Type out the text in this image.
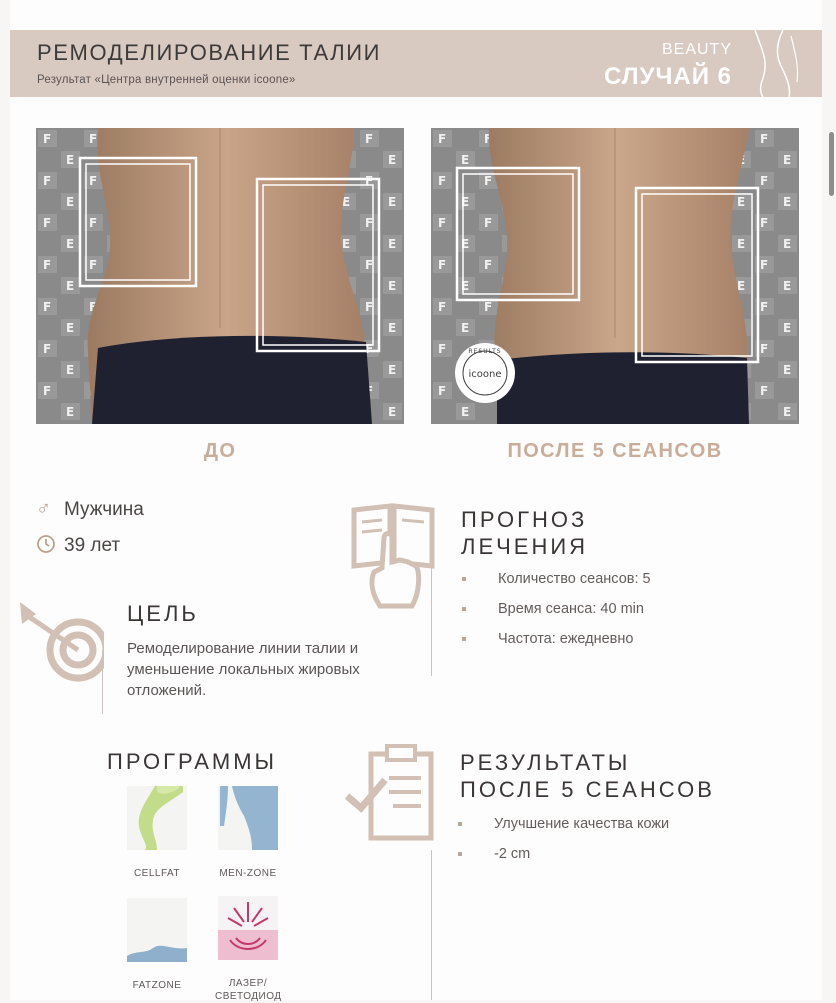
РЕМОДЕЛИРОВАНИЕ ТАЛИИ
Результат «Центра внутренней оценки icoone»
BEAUTY
СЛУЧАЙ 6
icoone
RESULTS
ДО	ПОСЛЕ 5 СЕАНСОВ
♂ Мужчина
39 лет
ЦЕЛЬ
Ремоделирование линии талии и уменьшение локальных жировых отложений.
ПРОГНОЗ
ЛЕЧЕНИЯ
Количество сеансов: 5
Время сеанса: 40 min
Частота: ежедневно
ПРОГРАММЫ
CELLFAT	MEN-ZONE
FATZONE	ЛАЗЕР/ СВЕТОДИОД
РЕЗУЛЬТАТЫ
ПОСЛЕ 5 СЕАНСОВ
Улучшение качества кожи
-2 cm
